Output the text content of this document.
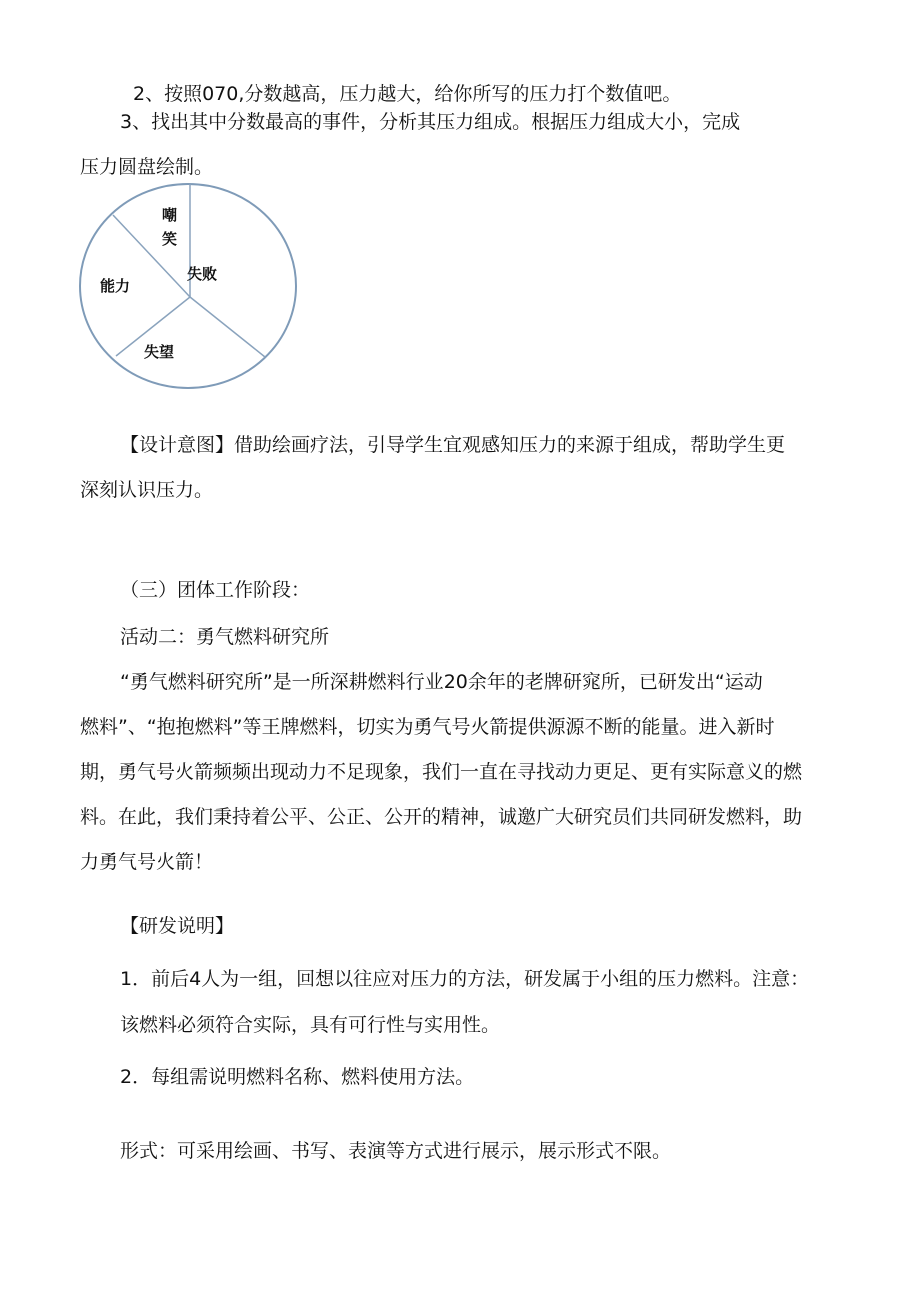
2、按照070,分数越高，压力越大，给你所写的压力打个数值吧。
3、找出其中分数最高的事件，分析其压力组成。根据压力组成大小，完成
压力圆盘绘制。
嘲笑
失败
失望
能力
【设计意图】借助绘画疗法，引导学生宜观感知压力的来源于组成，帮助学生更
深刻认识压力。
（三）团体工作阶段：
活动二：勇气燃料研究所
“勇气燃料研究所”是一所深耕燃料行业20余年的老牌研窕所，已研发出“运动
燃料”、“抱抱燃料”等王牌燃料，切实为勇气号火箭提供源源不断的能量。进入新时
期，勇气号火箭频频出现动力不足现象，我们一直在寻找动力更足、更有实际意义的燃
料。在此，我们秉持着公平、公正、公开的精神，诚邀广大研究员们共同研发燃料，助
力勇气号火箭！
【研发说明】
1．前后4人为一组，回想以往应对压力的方法，研发属于小组的压力燃料。注意：
该燃料必须符合实际，具有可行性与实用性。
2．每组需说明燃料名称、燃料使用方法。
形式：可采用绘画、书写、表演等方式进行展示，展示形式不限。
